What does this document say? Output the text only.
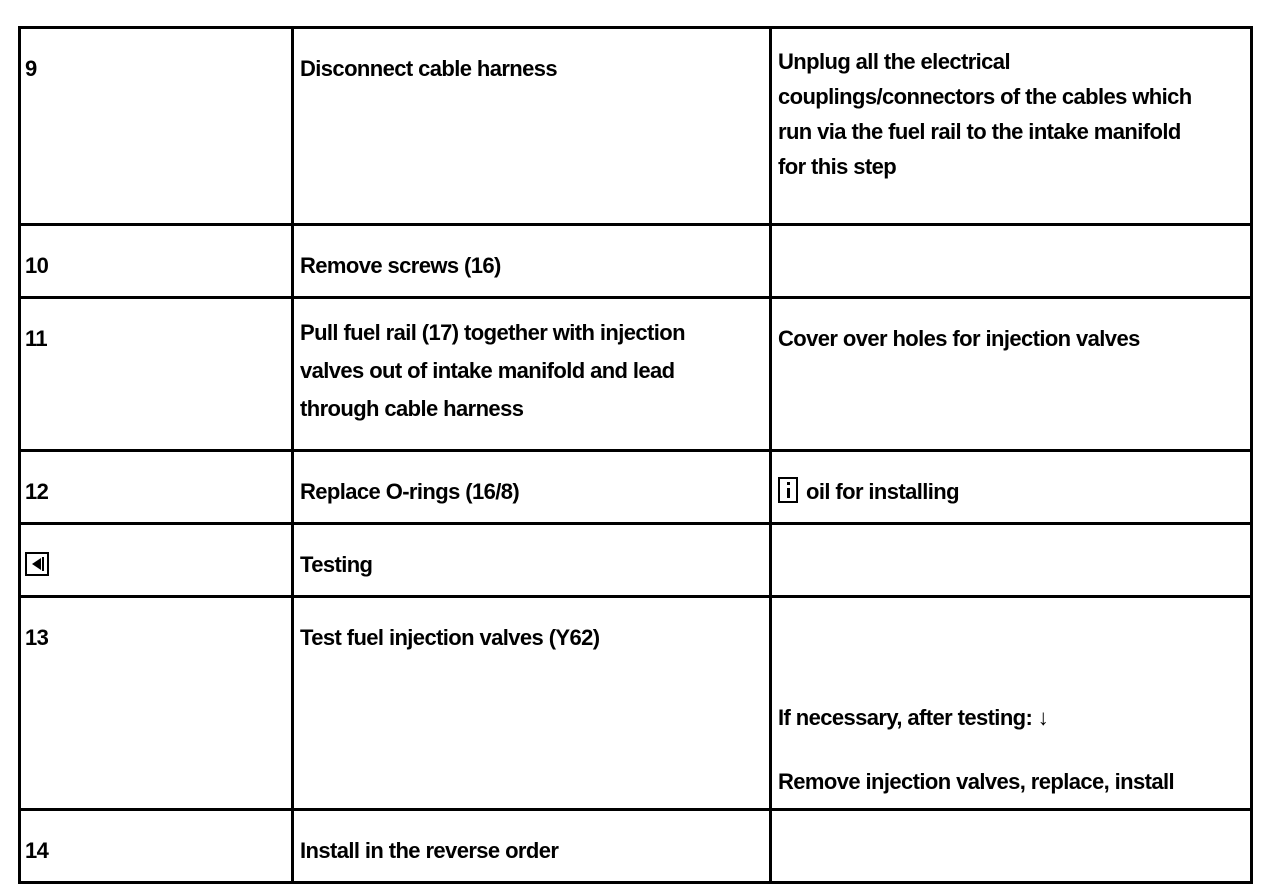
9	Disconnect cable harness	Unplug all the electrical
couplings/connectors of the cables which
run via the fuel rail to the intake manifold
for this step

10	Remove screws (16)	

11	Pull fuel rail (17) together with injection
valves out of intake manifold and lead
through cable harness	Cover over holes for injection valves

12	Replace O-rings (16/8)	oil for installing

	Testing	

13	Test fuel injection valves (Y62)	If necessary, after testing: ↓
Remove injection valves, replace, install

14	Install in the reverse order	
